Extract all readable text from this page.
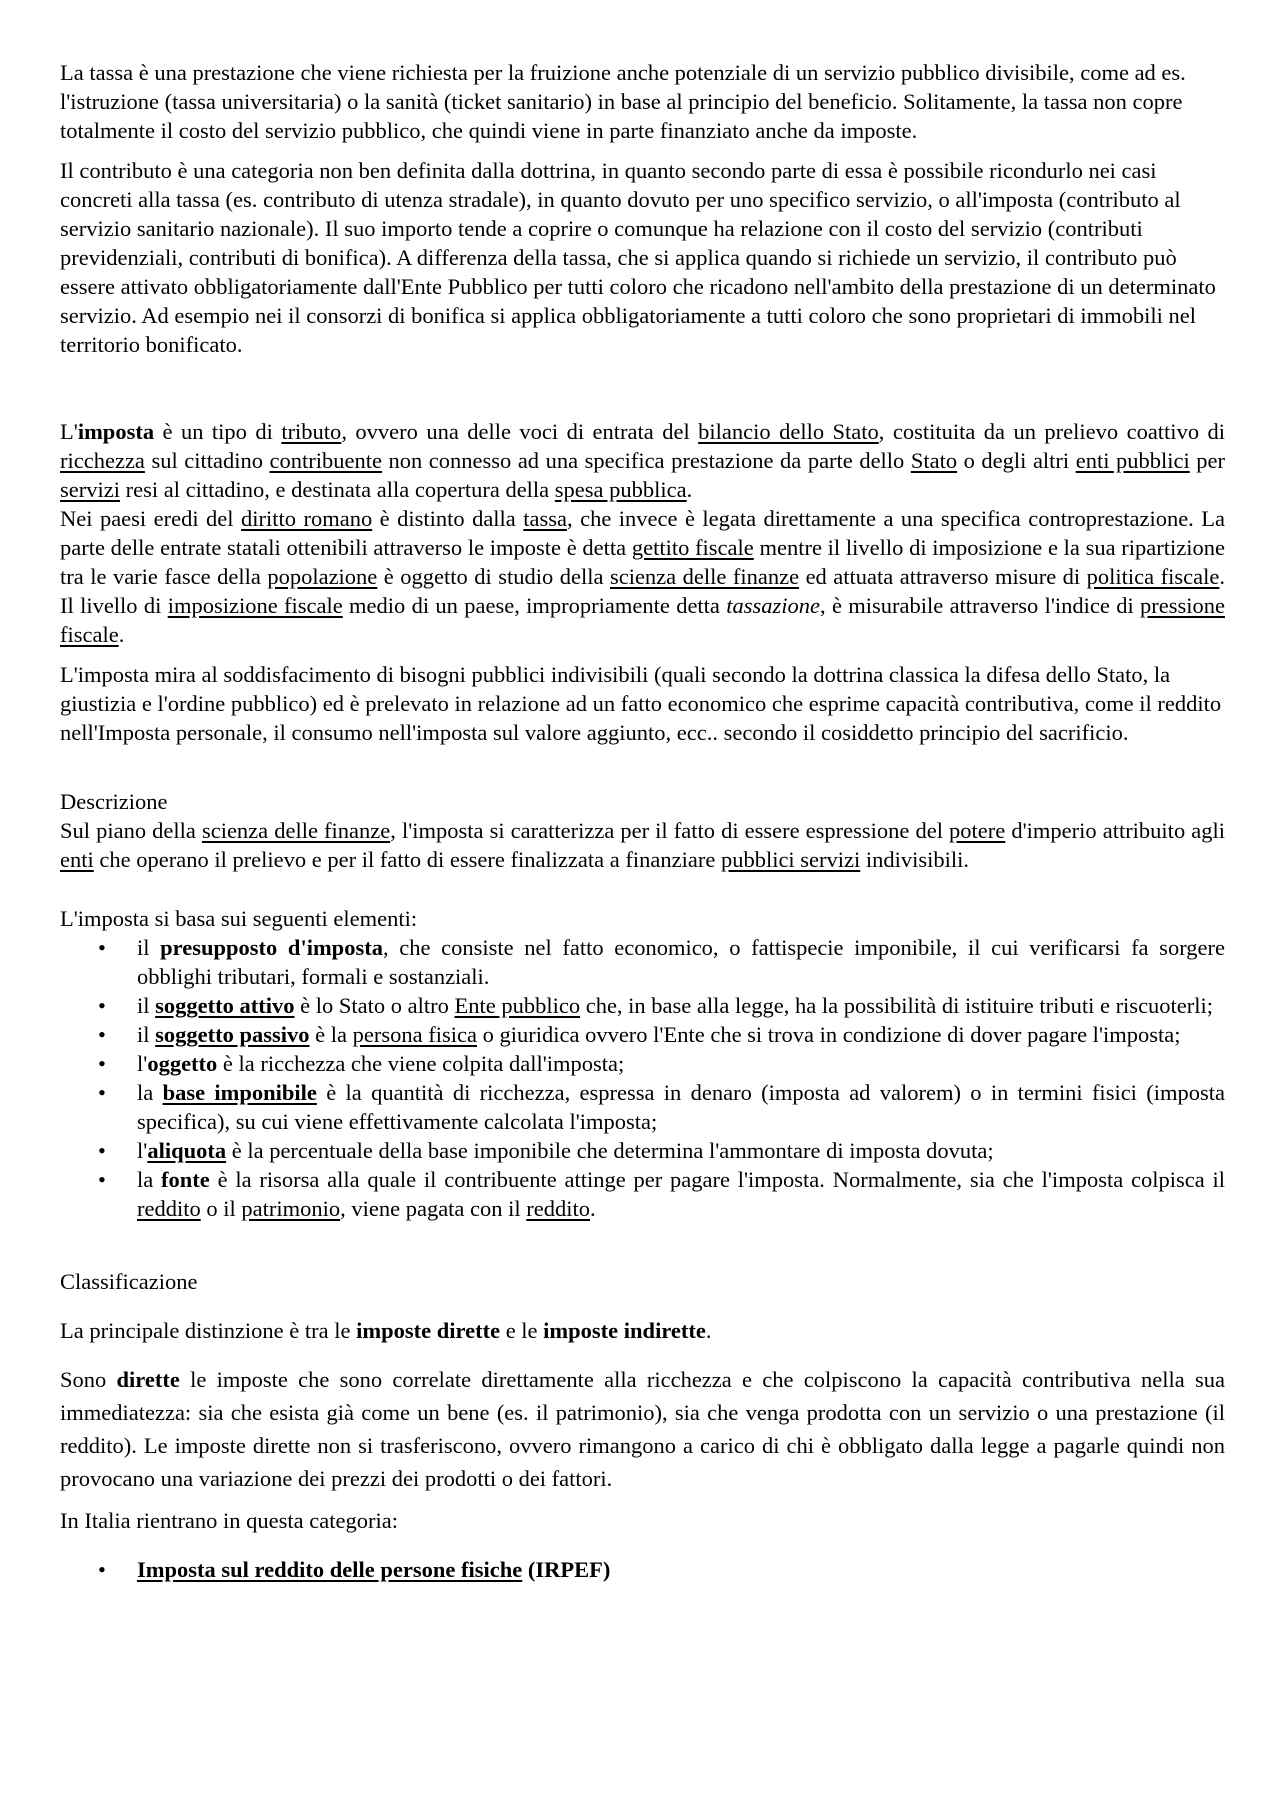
La tassa è una prestazione che viene richiesta per la fruizione anche potenziale di un servizio pubblico divisibile, come ad es. l'istruzione (tassa universitaria) o la sanità (ticket sanitario) in base al principio del beneficio. Solitamente, la tassa non copre totalmente il costo del servizio pubblico, che quindi viene in parte finanziato anche da imposte.

Il contributo è una categoria non ben definita dalla dottrina, in quanto secondo parte di essa è possibile ricondurlo nei casi concreti alla tassa (es. contributo di utenza stradale), in quanto dovuto per uno specifico servizio, o all'imposta (contributo al servizio sanitario nazionale). Il suo importo tende a coprire o comunque ha relazione con il costo del servizio (contributi previdenziali, contributi di bonifica). A differenza della tassa, che si applica quando si richiede un servizio, il contributo può essere attivato obbligatoriamente dall'Ente Pubblico per tutti coloro che ricadono nell'ambito della prestazione di un determinato servizio. Ad esempio nei il consorzi di bonifica si applica obbligatoriamente a tutti coloro che sono proprietari di immobili nel territorio bonificato.

L'imposta è un tipo di tributo, ovvero una delle voci di entrata del bilancio dello Stato, costituita da un prelievo coattivo di ricchezza sul cittadino contribuente non connesso ad una specifica prestazione da parte dello Stato o degli altri enti pubblici per servizi resi al cittadino, e destinata alla copertura della spesa pubblica.

Nei paesi eredi del diritto romano è distinto dalla tassa, che invece è legata direttamente a una specifica controprestazione. La parte delle entrate statali ottenibili attraverso le imposte è detta gettito fiscale mentre il livello di imposizione e la sua ripartizione tra le varie fasce della popolazione è oggetto di studio della scienza delle finanze ed attuata attraverso misure di politica fiscale. Il livello di imposizione fiscale medio di un paese, impropriamente detta tassazione, è misurabile attraverso l'indice di pressione fiscale.

L'imposta mira al soddisfacimento di bisogni pubblici indivisibili (quali secondo la dottrina classica la difesa dello Stato, la giustizia e l'ordine pubblico) ed è prelevato in relazione ad un fatto economico che esprime capacità contributiva, come il reddito nell'Imposta personale, il consumo nell'imposta sul valore aggiunto, ecc.. secondo il cosiddetto principio del sacrificio.

Descrizione

Sul piano della scienza delle finanze, l'imposta si caratterizza per il fatto di essere espressione del potere d'imperio attribuito agli enti che operano il prelievo e per il fatto di essere finalizzata a finanziare pubblici servizi indivisibili.

L'imposta si basa sui seguenti elementi:

• il presupposto d'imposta, che consiste nel fatto economico, o fattispecie imponibile, il cui verificarsi fa sorgere obblighi tributari, formali e sostanziali.
• il soggetto attivo è lo Stato o altro Ente pubblico che, in base alla legge, ha la possibilità di istituire tributi e riscuoterli;
• il soggetto passivo è la persona fisica o giuridica ovvero l'Ente che si trova in condizione di dover pagare l'imposta;
• l'oggetto è la ricchezza che viene colpita dall'imposta;
• la base imponibile è la quantità di ricchezza, espressa in denaro (imposta ad valorem) o in termini fisici (imposta specifica), su cui viene effettivamente calcolata l'imposta;
• l'aliquota è la percentuale della base imponibile che determina l'ammontare di imposta dovuta;
• la fonte è la risorsa alla quale il contribuente attinge per pagare l'imposta. Normalmente, sia che l'imposta colpisca il reddito o il patrimonio, viene pagata con il reddito.

Classificazione

La principale distinzione è tra le imposte dirette e le imposte indirette.

Sono dirette le imposte che sono correlate direttamente alla ricchezza e che colpiscono la capacità contributiva nella sua immediatezza: sia che esista già come un bene (es. il patrimonio), sia che venga prodotta con un servizio o una prestazione (il reddito). Le imposte dirette non si trasferiscono, ovvero rimangono a carico di chi è obbligato dalla legge a pagarle quindi non provocano una variazione dei prezzi dei prodotti o dei fattori.

In Italia rientrano in questa categoria:

• Imposta sul reddito delle persone fisiche (IRPEF)
